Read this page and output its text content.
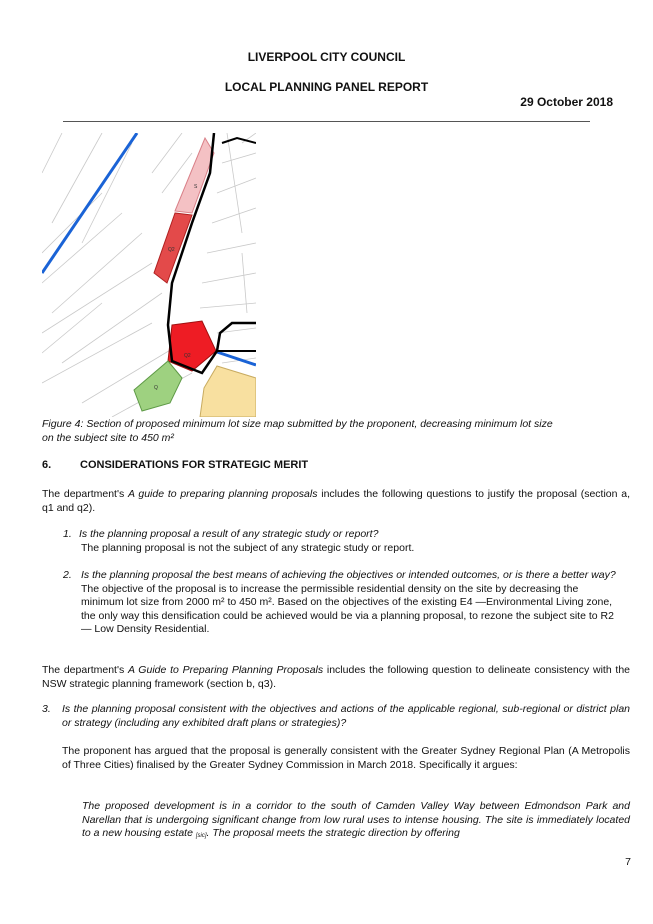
LIVERPOOL CITY COUNCIL
LOCAL PLANNING PANEL REPORT
29 October 2018
S
Q2
Q2
Q
Figure 4: Section of proposed minimum lot size map submitted by the proponent, decreasing minimum lot size
on the subject site to 450 m²
6.	CONSIDERATIONS FOR STRATEGIC MERIT
The department's A guide to preparing planning proposals includes the following questions to justify the proposal (section a, q1 and q2).
1. Is the planning proposal a result of any strategic study or report?
The planning proposal is not the subject of any strategic study or report.
2. Is the planning proposal the best means of achieving the objectives or intended outcomes, or is there a better way?
The objective of the proposal is to increase the permissible residential density on the site by decreasing the minimum lot size from 2000 m² to 450 m². Based on the objectives of the existing E4 —Environmental Living zone, the only way this densification could be achieved would be via a planning proposal, to rezone the subject site to R2 — Low Density Residential.
The department's A Guide to Preparing Planning Proposals includes the following question to delineate consistency with the NSW strategic planning framework (section b, q3).
3. Is the planning proposal consistent with the objectives and actions of the applicable regional, sub-regional or district plan or strategy (including any exhibited draft plans or strategies)?
The proponent has argued that the proposal is generally consistent with the Greater Sydney Regional Plan (A Metropolis of Three Cities) finalised by the Greater Sydney Commission in March 2018. Specifically it argues:
The proposed development is in a corridor to the south of Camden Valley Way between Edmondson Park and Narellan that is undergoing significant change from low rural uses to intense housing. The site is immediately located to a new housing estate [sic]. The proposal meets the strategic direction by offering
7
